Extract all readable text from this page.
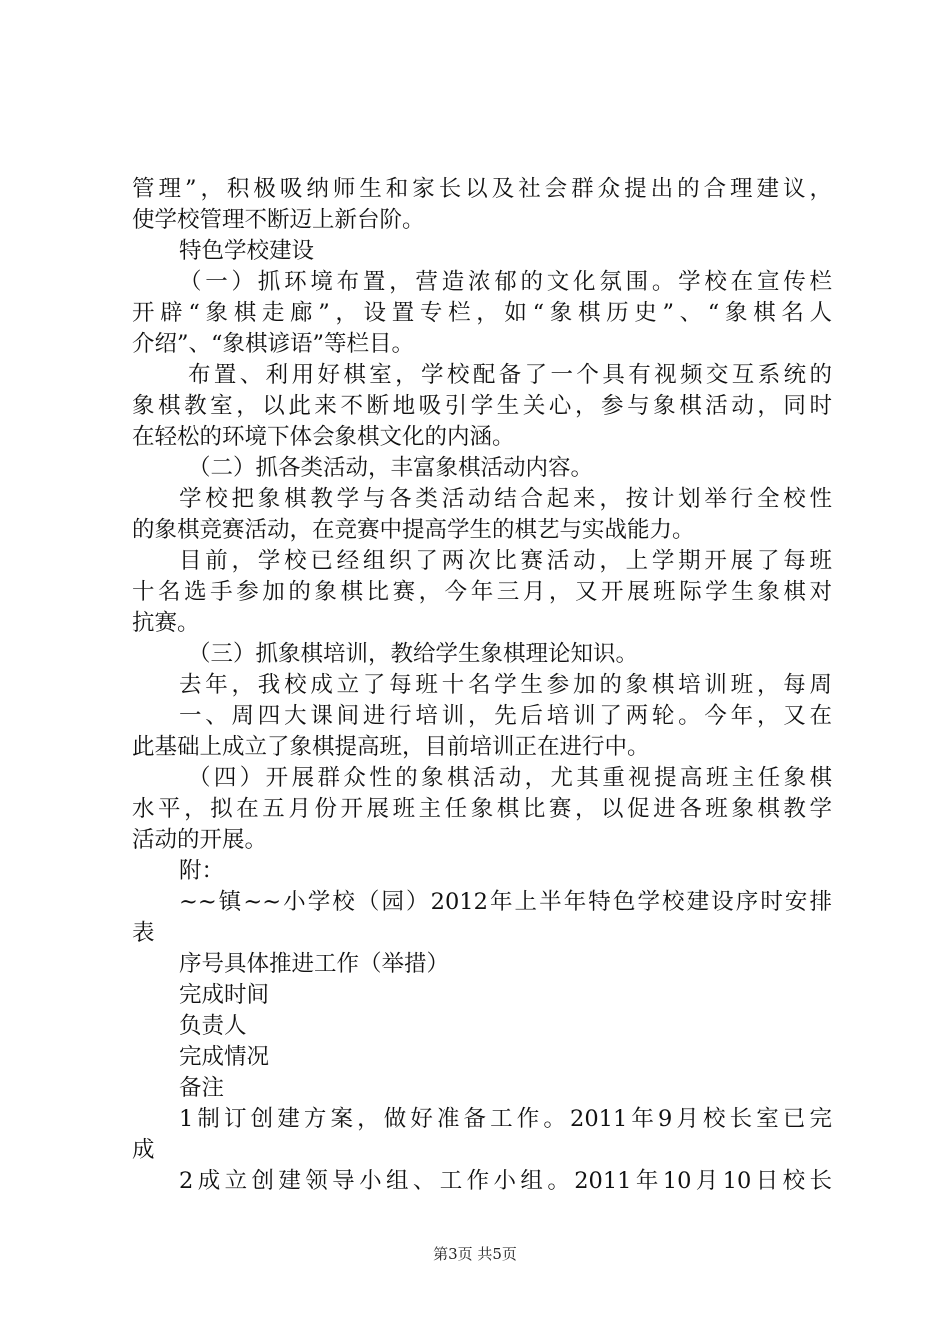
管理”，积极吸纳师生和家长以及社会群众提出的合理建议，

使学校管理不断迈上新台阶。

特色学校建设

（一）抓环境布置，营造浓郁的文化氛围。学校在宣传栏

开辟“象棋走廊”，设置专栏，如“象棋历史”、“象棋名人

介绍”、“象棋谚语”等栏目。

布置、利用好棋室，学校配备了一个具有视频交互系统的

象棋教室，以此来不断地吸引学生关心，参与象棋活动，同时

在轻松的环境下体会象棋文化的内涵。

（二）抓各类活动，丰富象棋活动内容。

学校把象棋教学与各类活动结合起来，按计划举行全校性

的象棋竞赛活动，在竞赛中提高学生的棋艺与实战能力。

目前，学校已经组织了两次比赛活动，上学期开展了每班

十名选手参加的象棋比赛，今年三月，又开展班际学生象棋对

抗赛。

（三）抓象棋培训，教给学生象棋理论知识。

去年，我校成立了每班十名学生参加的象棋培训班，每周

一、周四大课间进行培训，先后培训了两轮。今年，又在

此基础上成立了象棋提高班，目前培训正在进行中。

（四）开展群众性的象棋活动，尤其重视提高班主任象棋

水平，拟在五月份开展班主任象棋比赛，以促进各班象棋教学

活动的开展。

附：

~~镇~~小学校（园）2012年上半年特色学校建设序时安排

表

序号具体推进工作（举措）

完成时间

负责人

完成情况

备注

1制订创建方案，做好准备工作。2011年9月校长室已完

成

2成立创建领导小组、工作小组。2011年10月10日校长

第3页 共5页
